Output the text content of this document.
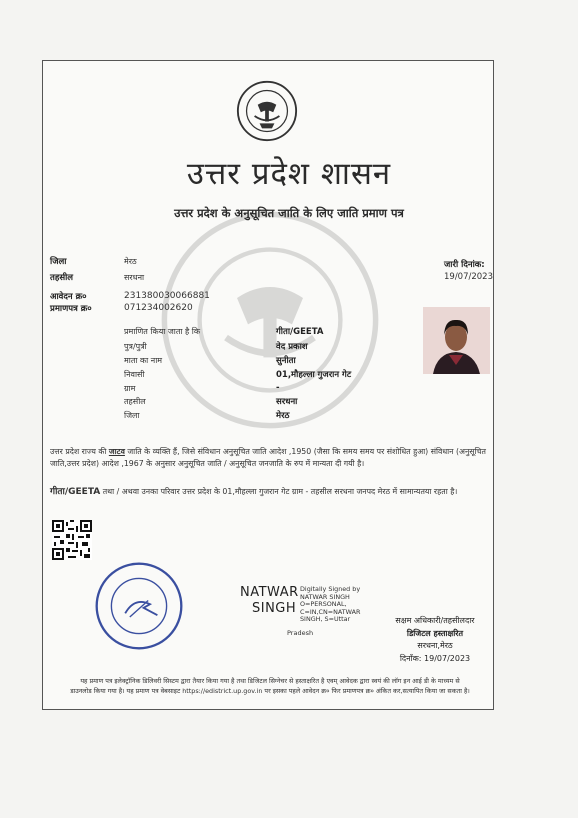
उत्तर प्रदेश शासन
उत्तर प्रदेश के अनुसूचित जाति के लिए जाति प्रमाण पत्र
जिला	मेरठ
तहसील	सरधना
आवेदन क्र०	231380030066881
प्रमाणपत्र क्र०	071234002620
जारी दिनांक:
19/07/2023
प्रमाणित किया जाता है कि	गीता/GEETA
पुत्र/पुत्री	वेद प्रकाश
माता का नाम	सुनीता
निवासी	01,मौहल्ला गुजरान गेट
ग्राम	-
तहसील	सरधना
जिला	मेरठ
उत्तर प्रदेश राज्य की जाटव जाति के व्यक्ति हैं, जिसे संविधान अनुसूचित जाति आदेश ,1950 (जैसा कि समय समय पर संशोधित हुआ) संविधान (अनुसूचित जाति,उत्तर प्रदेश) आदेश ,1967 के अनुसार अनुसूचित जाति / अनुसूचित जनजाति के रुप में मान्यता दी गयी है।
गीता/GEETA तथा / अथवा उनका परिवार उत्तर प्रदेश के 01,मौहल्ला गुजरान गेट ग्राम - तहसील सरधना जनपद मेरठ में सामान्यतया रहता है।
NATWAR
SINGH
Digitally Signed by
NATWAR SINGH
O=PERSONAL,
C=IN,CN=NATWAR
SINGH, S=Uttar
Pradesh
सक्षम अधिकारी/तहसीलदार
डिजिटल हस्ताक्षरित
सरधना,मेरठ
दिनाँक: 19/07/2023
यह प्रमाण पत्र इलेक्ट्रॉनिक डिलिवरी सिस्टम द्वारा तैयार किया गया है तथा डिजिटल सिग्नेचर से हस्ताक्षरित है एवम् आवेदक द्वारा स्वयं की लॉग इन आई डी के माध्यम से
डाउनलोड किया गया है। यह प्रमाण पत्र वेबसाइट https://edistrict.up.gov.in पर इसका पहले आवेदन क्र० फिर प्रमाणपत्र क्र० अंकित कर,सत्यापित किया जा सकता है।
